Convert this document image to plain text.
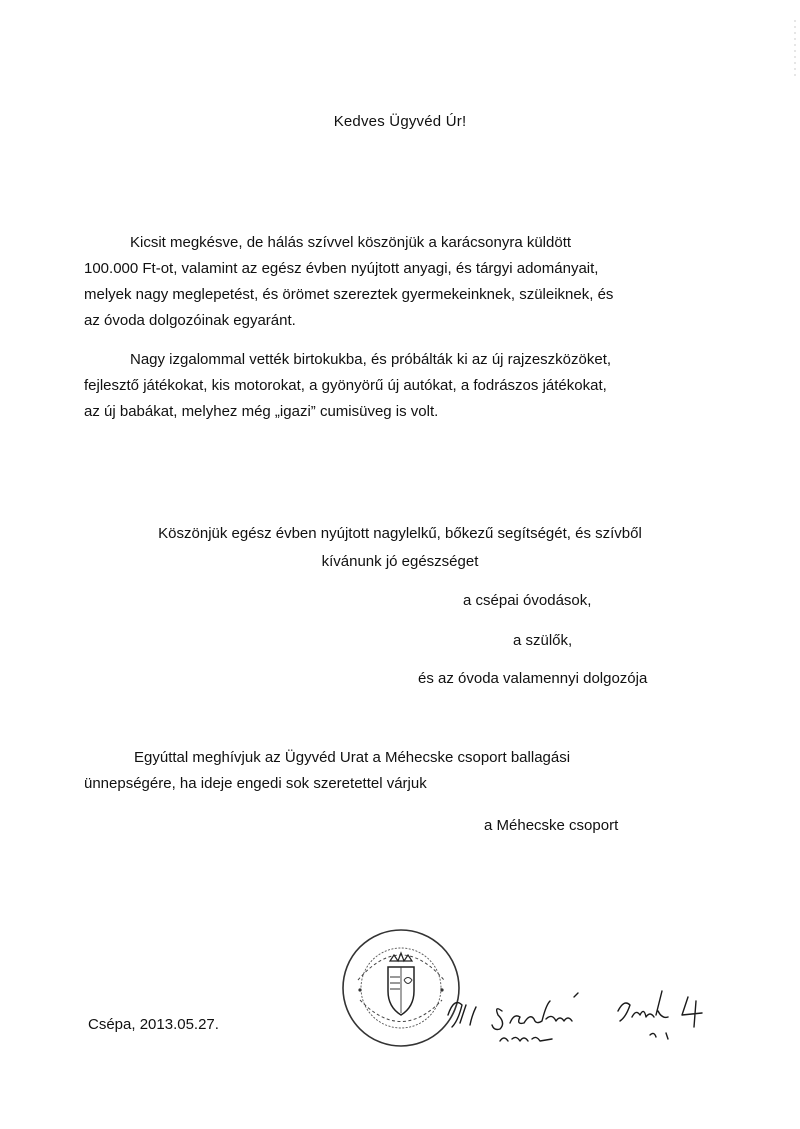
Kedves Ügyvéd Úr!

Kicsit megkésve, de hálás szívvel köszönjük a karácsonyra küldött
100.000 Ft-ot, valamint az egész évben nyújtott anyagi, és tárgyi adományait,
melyek nagy meglepetést, és örömet szereztek gyermekeinknek, szüleiknek, és
az óvoda dolgozóinak egyaránt.

Nagy izgalommal vették birtokukba, és próbálták ki az új rajzeszközöket,
fejlesztő játékokat, kis motorokat, a gyönyörű új autókat, a fodrászos játékokat,
az új babákat, melyhez még „igazi” cumisüveg is volt.

Köszönjük egész évben nyújtott nagylelkű, bőkezű segítségét, és szívből
kívánunk jó egészséget
a csépai óvodások,
a szülők,
és az óvoda valamennyi dolgozója

Egyúttal meghívjuk az Ügyvéd Urat a Méhecske csoport ballagási
ünnepségére, ha ideje engedi sok szeretettel várjuk

a Méhecske csoport
Csépa, 2013.05.27.
